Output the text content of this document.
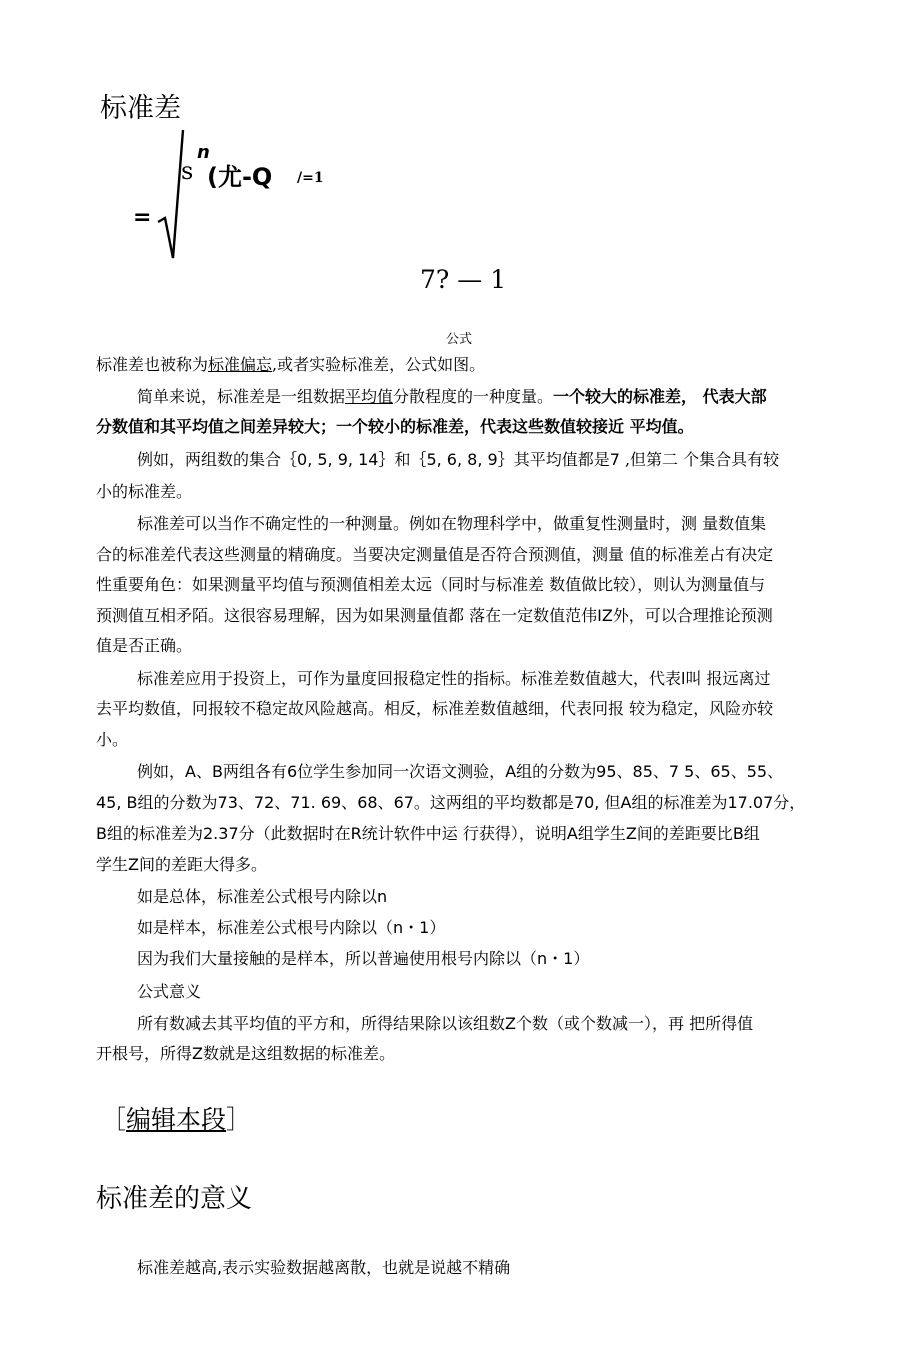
标准差
=
s
n
(尤-Q /=1
7? — 1
公式
标准差也被称为标准偏忘,或者实验标准差，公式如图。
简单来说，标准差是一组数据平均值分散程度的一种度量。一个较大的标准差， 代表大部
分数值和其平均值之间差异较大；一个较小的标准差，代表这些数值较接近 平均值。
例如，两组数的集合｛0, 5, 9, 14｝和｛5, 6, 8, 9｝其平均值都是7 ,但第二 个集合具有较
小的标准差。
标准差可以当作不确定性的一种测量。例如在物理科学中，做重复性测量时，测 量数值集
合的标准差代表这些测量的精确度。当要决定测量值是否符合预测值，测量 值的标准差占有决定
性重要角色：如果测量平均值与预测值相差太远（同时与标准差 数值做比较），则认为测量值与
预测值互相矛陌。这很容易理解，因为如果测量值都 落在一定数值范伟IZ外，可以合理推论预测
值是否正确。
标准差应用于投资上，可作为量度回报稳定性的指标。标准差数值越大，代表l叫 报远离过
去平均数值，冋报较不稳定故风险越高。相反，标准差数值越细，代表冋报 较为稳定，风险亦较
小。
例如，A、B两组各有6位学生参加同一次语文测验，A组的分数为95、85、7 5、65、55、
45, B组的分数为73、72、71. 69、68、67。这两组的平均数都是70, 但A组的标准差为17.07分，
B组的标准差为2.37分（此数据时在R统计软件中运 行获得），说明A组学生Z间的差距要比B组
学生Z间的差距大得多。
如是总体，标准差公式根号内除以n
如是样本，标准差公式根号内除以（n・1）
因为我们大量接触的是样本，所以普遍使用根号内除以（n・1）
公式意义
所有数减去其平均值的平方和，所得结果除以该组数Z个数（或个数减一），再 把所得值
开根号，所得Z数就是这组数据的标准差。
［编辑本段］
标准差的意义
标准差越高,表示实验数据越离散，也就是说越不精确
